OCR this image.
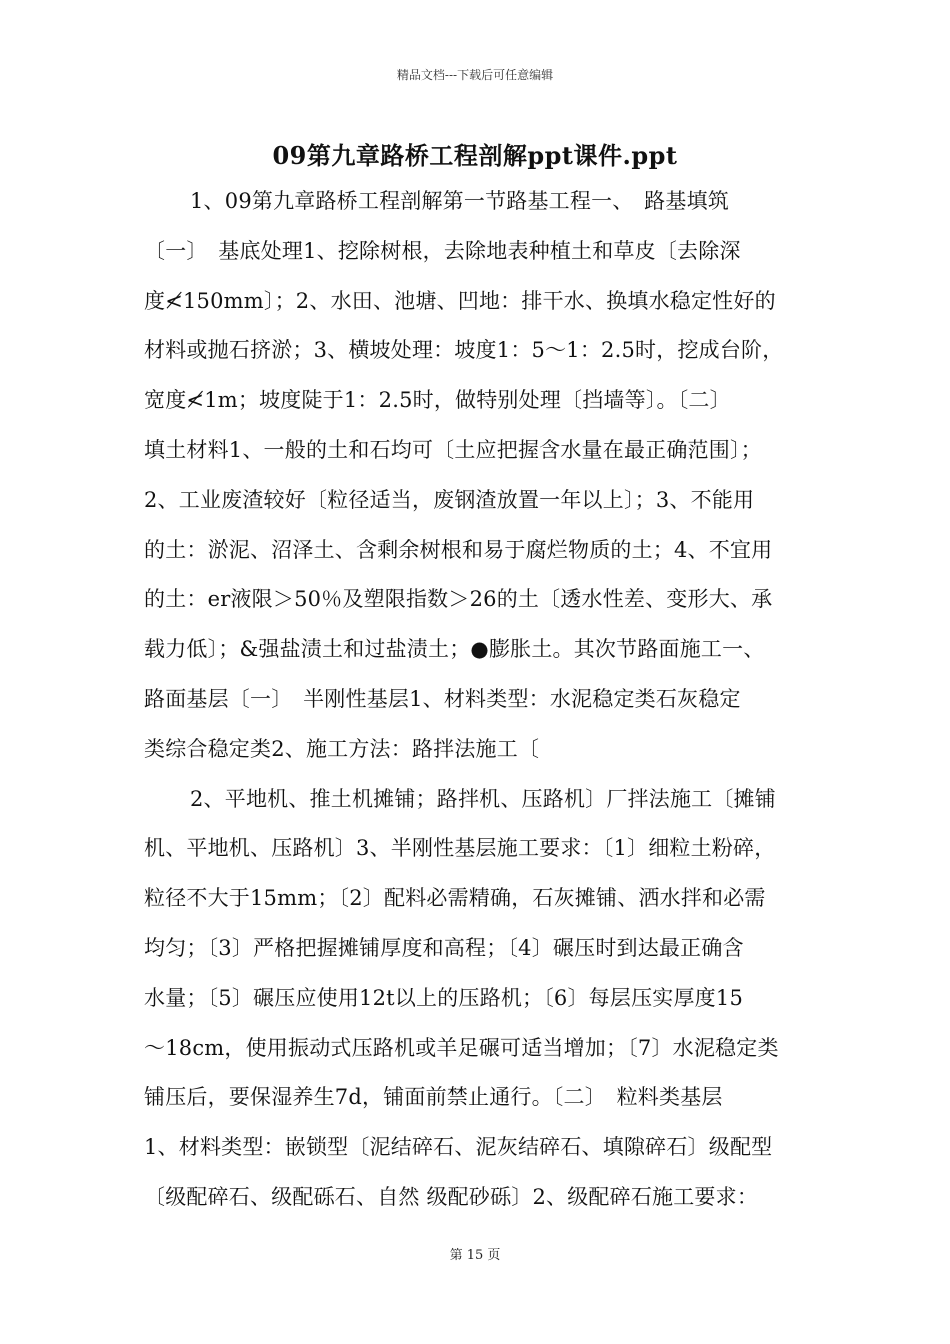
精品文档---下载后可任意编辑
09第九章路桥工程剖解ppt课件.ppt
1、09第九章路桥工程剖解第一节路基工程一、　路基填筑
〔一〕　基底处理1、挖除树根，去除地表种植土和草皮〔去除深
度≮150mm〕；2、水田、池塘、凹地：排干水、换填水稳定性好的
材料或抛石挤淤；3、横坡处理：坡度1：5～1：2.5时，挖成台阶，
宽度≮1m；坡度陡于1：2.5时，做特别处理〔挡墙等〕。〔二〕
填土材料1、一般的土和石均可〔土应把握含水量在最正确范围〕；
2、工业废渣较好〔粒径适当，废钢渣放置一年以上〕；3、不能用
的土：淤泥、沼泽土、含剩余树根和易于腐烂物质的土；4、不宜用
的土：er液限＞50％及塑限指数＞26的土〔透水性差、变形大、承
载力低〕；&强盐渍土和过盐渍土；●膨胀土。其次节路面施工一、
路面基层〔一〕　半刚性基层1、材料类型：水泥稳定类石灰稳定
类综合稳定类2、施工方法：路拌法施工〔
2、平地机、推土机摊铺；路拌机、压路机〕厂拌法施工〔摊铺
机、平地机、压路机〕3、半刚性基层施工要求：〔1〕细粒土粉碎，
粒径不大于15mm；〔2〕配料必需精确，石灰摊铺、洒水拌和必需
均匀；〔3〕严格把握摊铺厚度和高程；〔4〕碾压时到达最正确含
水量；〔5〕碾压应使用12t以上的压路机；〔6〕每层压实厚度15
～18cm，使用振动式压路机或羊足碾可适当增加；〔7〕水泥稳定类
铺压后，要保湿养生7d，铺面前禁止通行。〔二〕　粒料类基层
1、材料类型：嵌锁型〔泥结碎石、泥灰结碎石、填隙碎石〕级配型
〔级配碎石、级配砾石、自然 级配砂砾〕2、级配碎石施工要求：
第 15 页
